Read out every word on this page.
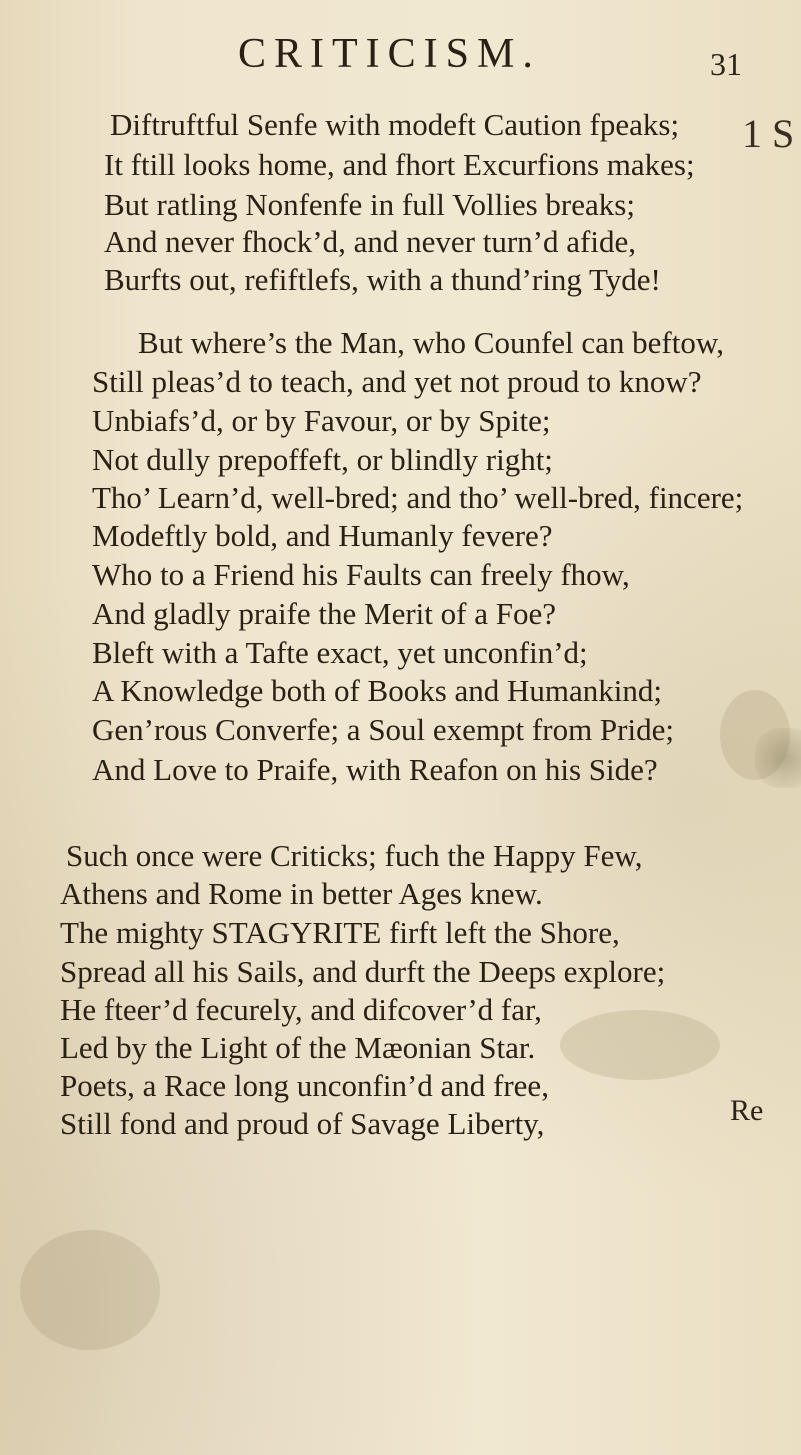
CRITICISM.	31
1 S
Diftruftful Senfe with modeft Caution fpeaks;
It ftill looks home, and fhort Excurfions makes;
But ratling Nonfenfe in full Vollies breaks;
And never fhock’d, and never turn’d afide,
Burfts out, refiftlefs, with a thund’ring Tyde!
But where’s the Man, who Counfel can beftow,
Still pleas’d to teach, and yet not proud to know?
Unbiafs’d, or by Favour, or by Spite;
Not dully prepoffeft, or blindly right;
Tho’ Learn’d, well-bred; and tho’ well-bred, fincere;
Modeftly bold, and Humanly fevere?
Who to a Friend his Faults can freely fhow,
And gladly praife the Merit of a Foe?
Bleft with a Tafte exact, yet unconfin’d;
A Knowledge both of Books and Humankind;
Gen’rous Converfe; a Soul exempt from Pride;
And Love to Praife, with Reafon on his Side?
Such once were Criticks; fuch the Happy Few,
Athens and Rome in better Ages knew.
The mighty STAGYRITE firft left the Shore,
Spread all his Sails, and durft the Deeps explore;
He fteer’d fecurely, and difcover’d far,
Led by the Light of the Mæonian Star.
Poets, a Race long unconfin’d and free,
Still fond and proud of Savage Liberty,	Re
